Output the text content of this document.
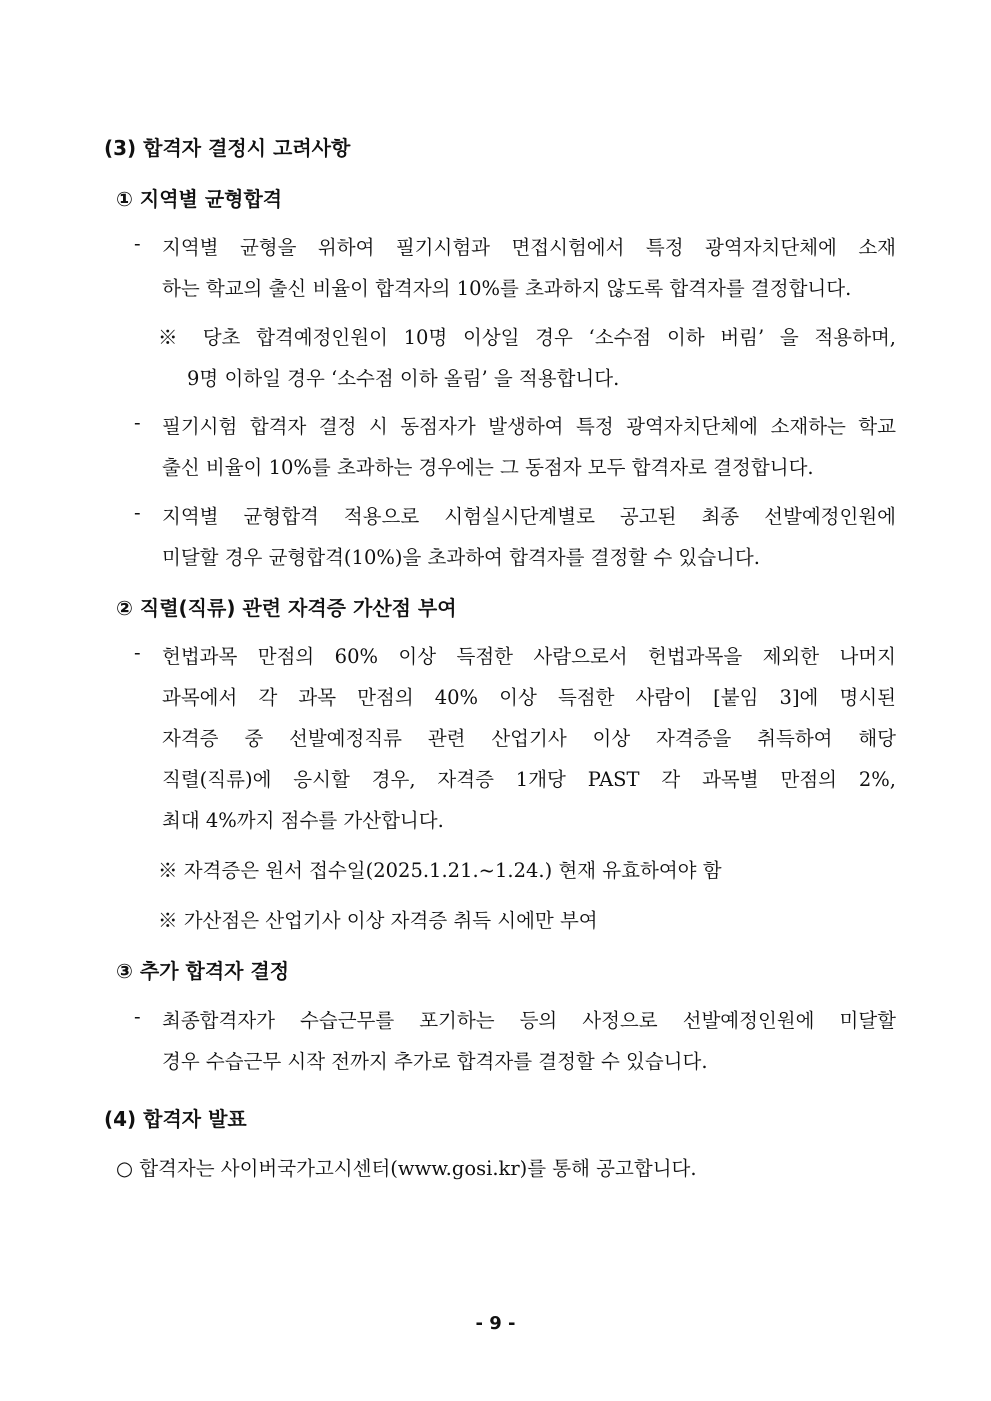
(3) 합격자 결정시 고려사항
① 지역별 균형합격
- 지역별 균형을 위하여 필기시험과 면접시험에서 특정 광역자치단체에 소재
하는 학교의 출신 비율이 합격자의 10%를 초과하지 않도록 합격자를 결정합니다.
※ 당초 합격예정인원이 10명 이상일 경우 ‘소수점 이하 버림’ 을 적용하며,
9명 이하일 경우 ‘소수점 이하 올림’ 을 적용합니다.
- 필기시험 합격자 결정 시 동점자가 발생하여 특정 광역자치단체에 소재하는 학교
출신 비율이 10%를 초과하는 경우에는 그 동점자 모두 합격자로 결정합니다.
- 지역별 균형합격 적용으로 시험실시단계별로 공고된 최종 선발예정인원에
미달할 경우 균형합격(10%)을 초과하여 합격자를 결정할 수 있습니다.
② 직렬(직류) 관련 자격증 가산점 부여
- 헌법과목 만점의 60% 이상 득점한 사람으로서 헌법과목을 제외한 나머지
과목에서 각 과목 만점의 40% 이상 득점한 사람이 [붙임 3]에 명시된
자격증 중 선발예정직류 관련 산업기사 이상 자격증을 취득하여 해당
직렬(직류)에 응시할 경우, 자격증 1개당 PAST 각 과목별 만점의 2%,
최대 4%까지 점수를 가산합니다.
※ 자격증은 원서 접수일(2025.1.21.~1.24.) 현재 유효하여야 함
※ 가산점은 산업기사 이상 자격증 취득 시에만 부여
③ 추가 합격자 결정
- 최종합격자가 수습근무를 포기하는 등의 사정으로 선발예정인원에 미달할
경우 수습근무 시작 전까지 추가로 합격자를 결정할 수 있습니다.
(4) 합격자 발표
○ 합격자는 사이버국가고시센터(www.gosi.kr)를 통해 공고합니다.
- 9 -
